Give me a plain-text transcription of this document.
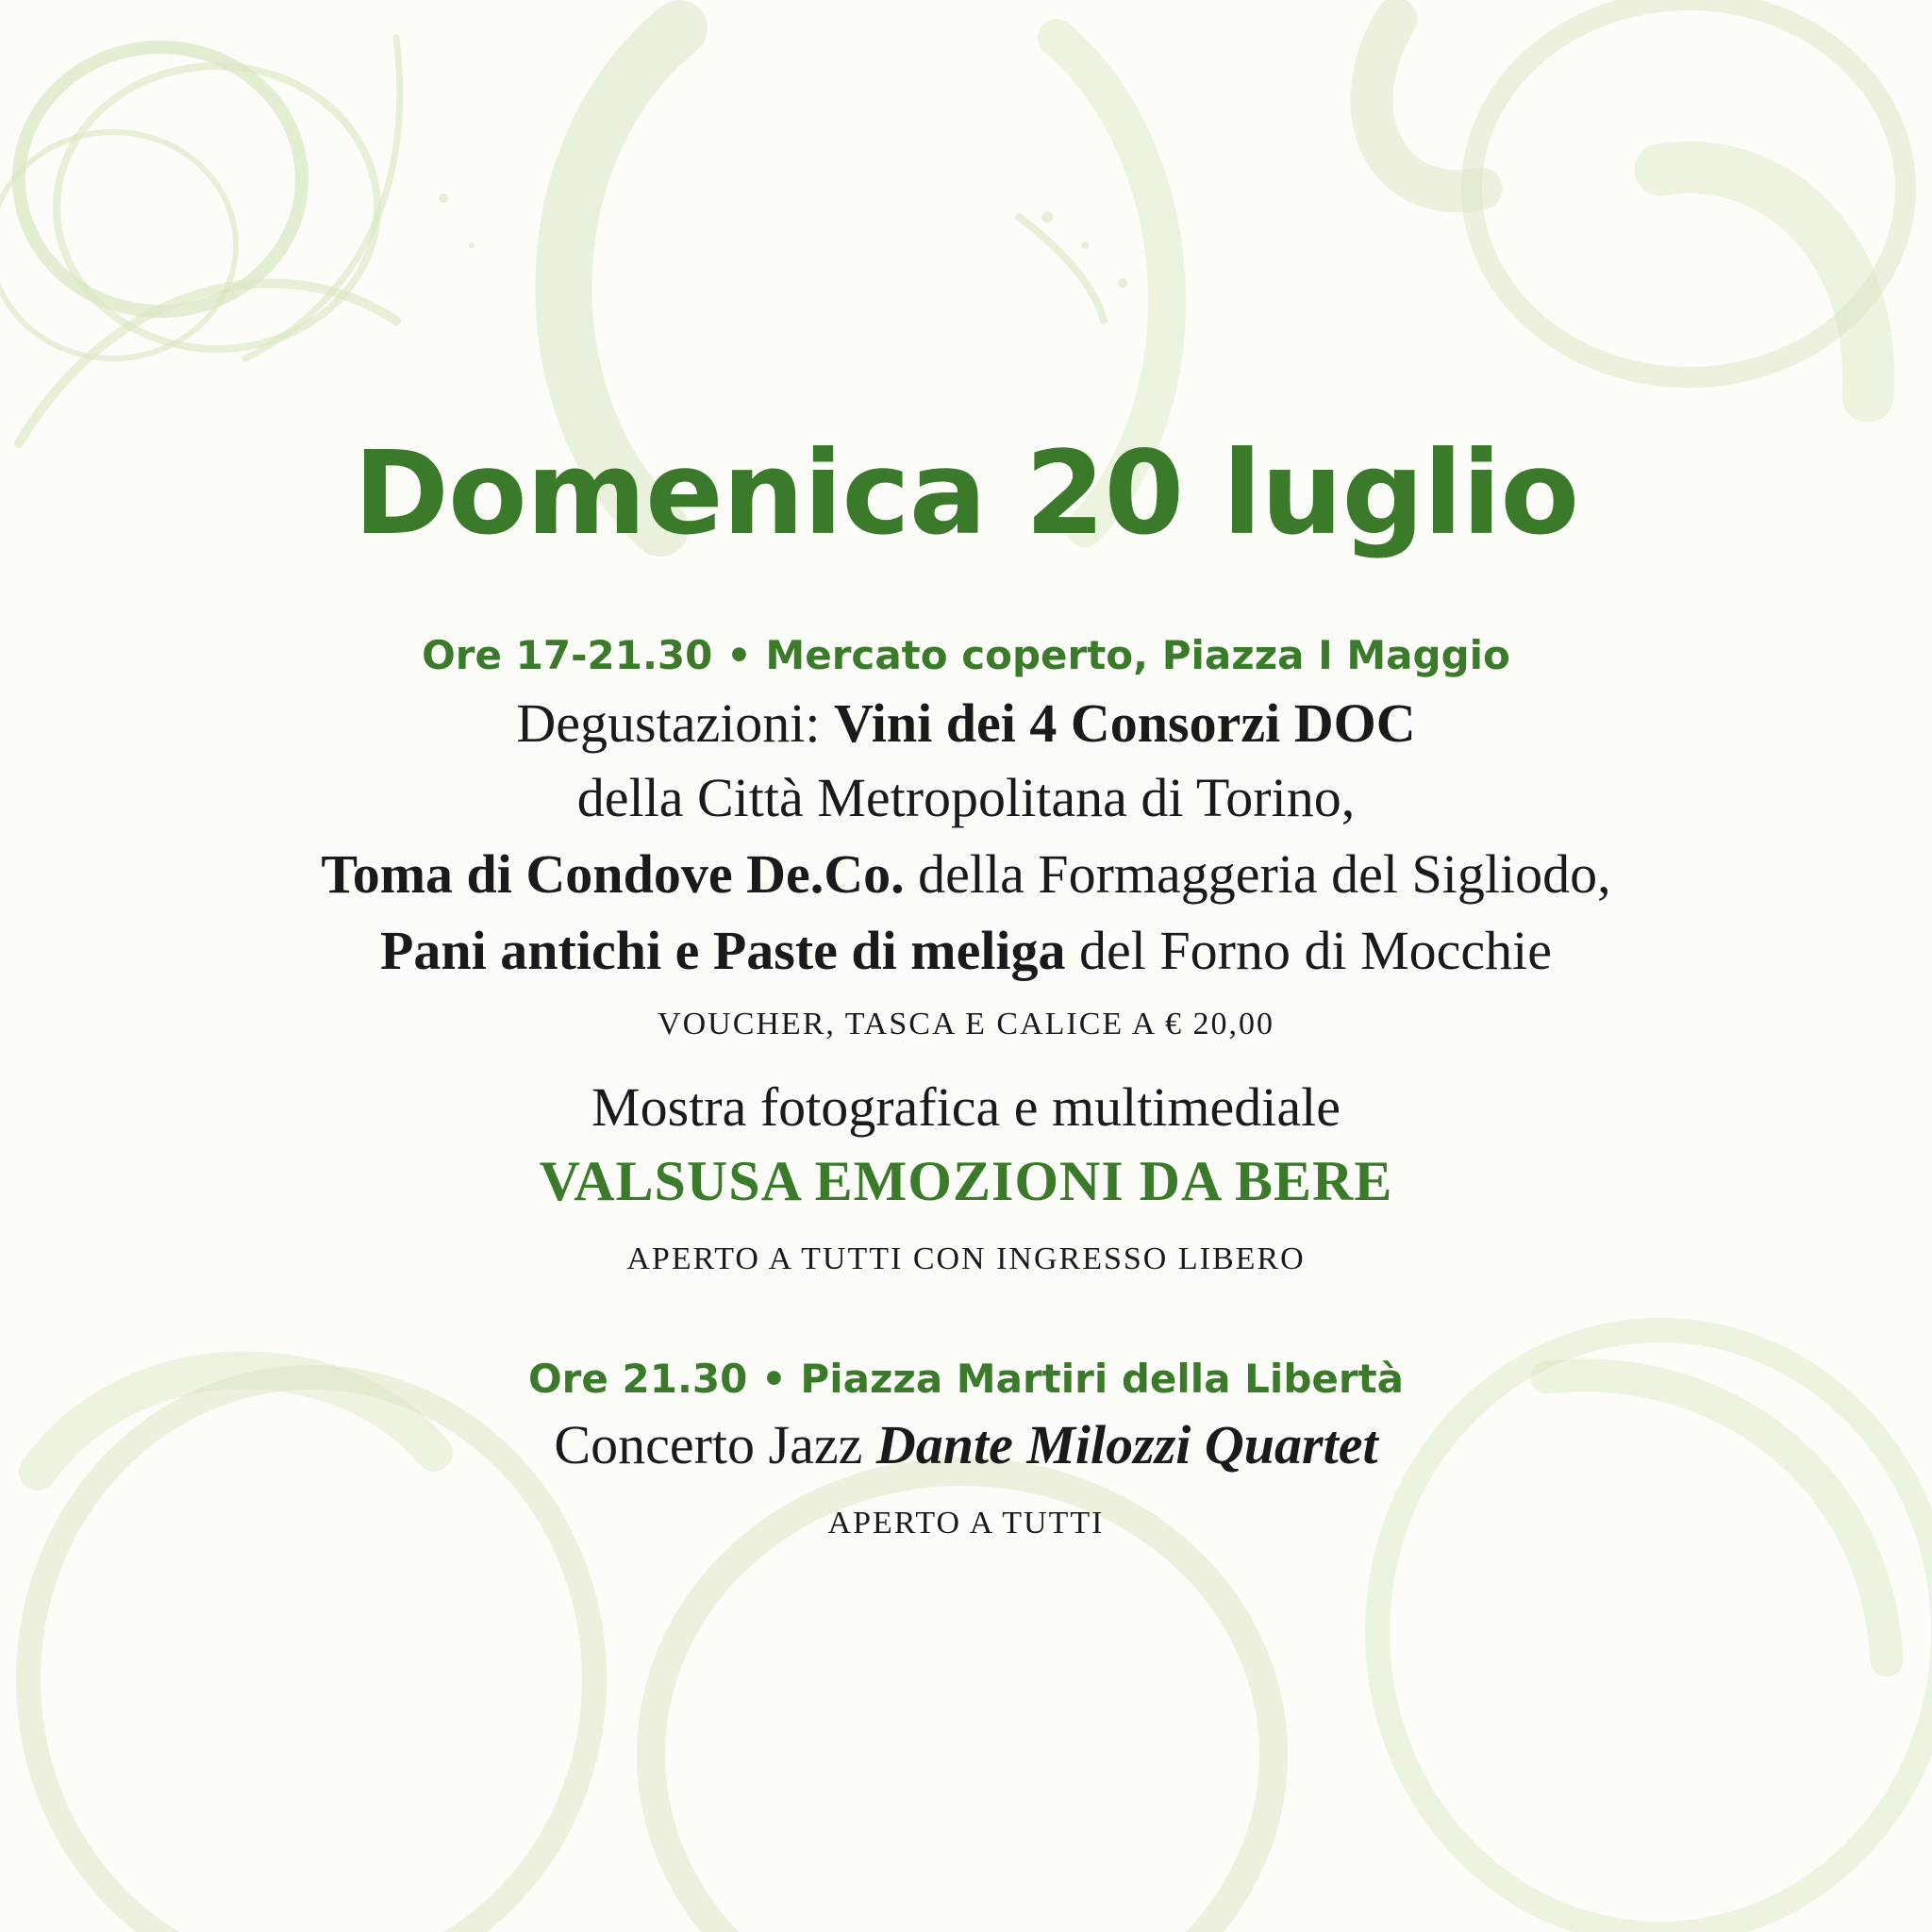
Domenica 20 luglio
Ore 17-21.30 • Mercato coperto, Piazza I Maggio
Degustazioni: Vini dei 4 Consorzi DOC
della Città Metropolitana di Torino,
Toma di Condove De.Co. della Formaggeria del Sigliodo,
Pani antichi e Paste di meliga del Forno di Mocchie
VOUCHER, TASCA E CALICE A € 20,00
Mostra fotografica e multimediale
VALSUSA EMOZIONI DA BERE
APERTO A TUTTI CON INGRESSO LIBERO
Ore 21.30 • Piazza Martiri della Libertà
Concerto Jazz Dante Milozzi Quartet
APERTO A TUTTI
